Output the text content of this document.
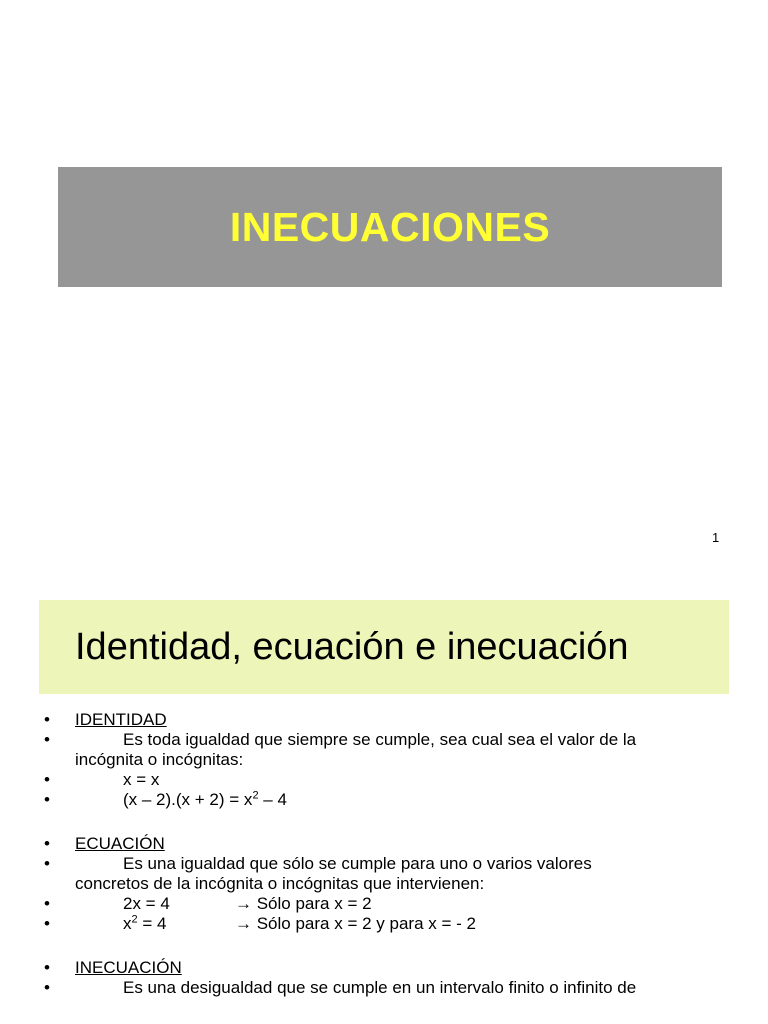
INECUACIONES
1
Identidad, ecuación e inecuación
•	IDENTIDAD
•	Es toda igualdad que siempre se cumple, sea cual sea el valor de la
incógnita o incógnitas:
•	x = x
•	$(x - 2).(x + 2) = x^2 - 4$
•	ECUACIÓN
•	Es una igualdad que sólo se cumple para uno o varios valores
concretos de la incógnita o incógnitas que intervienen:
•	2x = 4	→ Sólo para x = 2
•	$x^2 = 4$	→ Sólo para x = 2 y para x = - 2
•	INECUACIÓN
•	Es una desigualdad que se cumple en un intervalo finito o infinito de
